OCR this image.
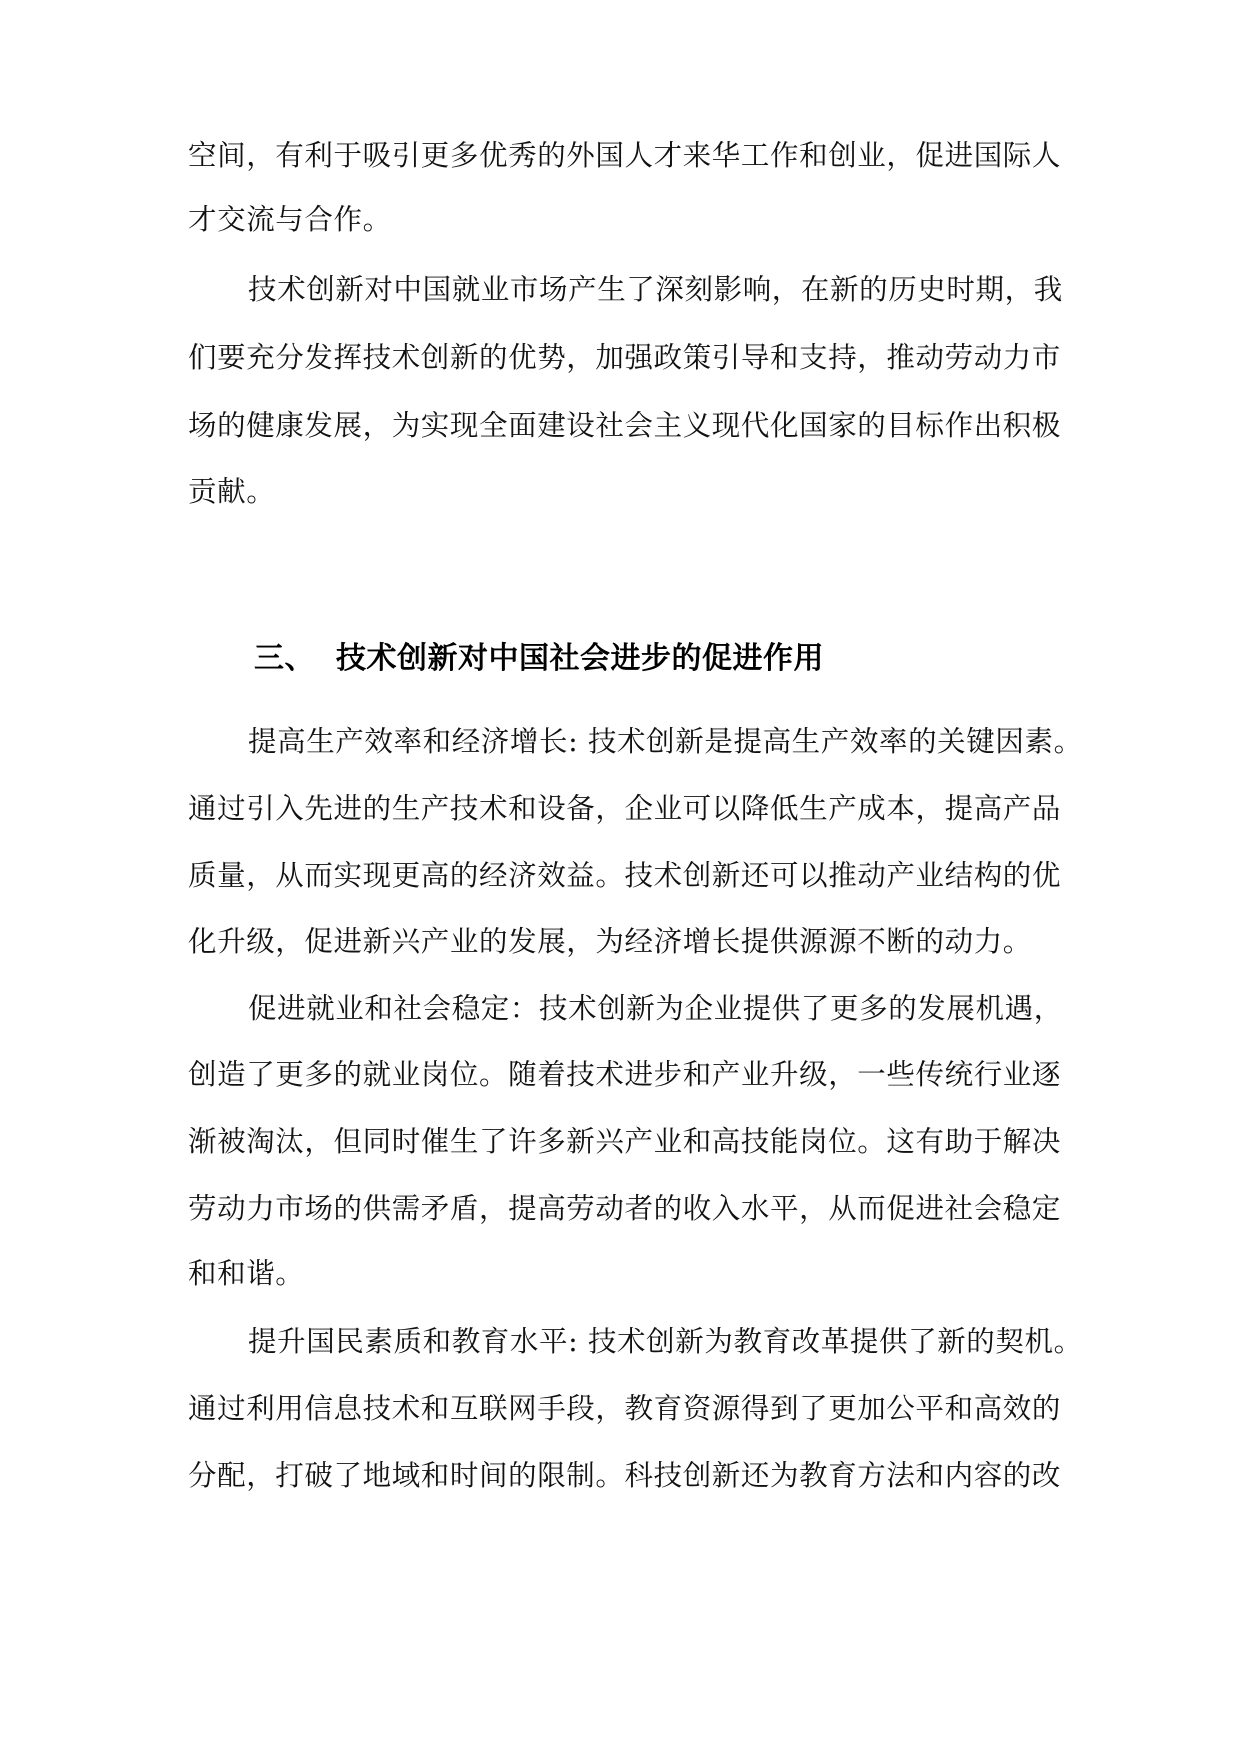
空间，有利于吸引更多优秀的外国人才来华工作和创业，促进国际人
才交流与合作。
技术创新对中国就业市场产生了深刻影响，在新的历史时期，我
们要充分发挥技术创新的优势，加强政策引导和支持，推动劳动力市
场的健康发展，为实现全面建设社会主义现代化国家的目标作出积极
贡献。
三、 技术创新对中国社会进步的促进作用
提高生产效率和经济增长: 技术创新是提高生产效率的关键因素。
通过引入先进的生产技术和设备，企业可以降低生产成本，提高产品
质量，从而实现更高的经济效益。技术创新还可以推动产业结构的优
化升级，促进新兴产业的发展，为经济增长提供源源不断的动力。
促进就业和社会稳定：技术创新为企业提供了更多的发展机遇，
创造了更多的就业岗位。随着技术进步和产业升级，一些传统行业逐
渐被淘汰，但同时催生了许多新兴产业和高技能岗位。这有助于解决
劳动力市场的供需矛盾，提高劳动者的收入水平，从而促进社会稳定
和和谐。
提升国民素质和教育水平: 技术创新为教育改革提供了新的契机。
通过利用信息技术和互联网手段，教育资源得到了更加公平和高效的
分配，打破了地域和时间的限制。科技创新还为教育方法和内容的改
